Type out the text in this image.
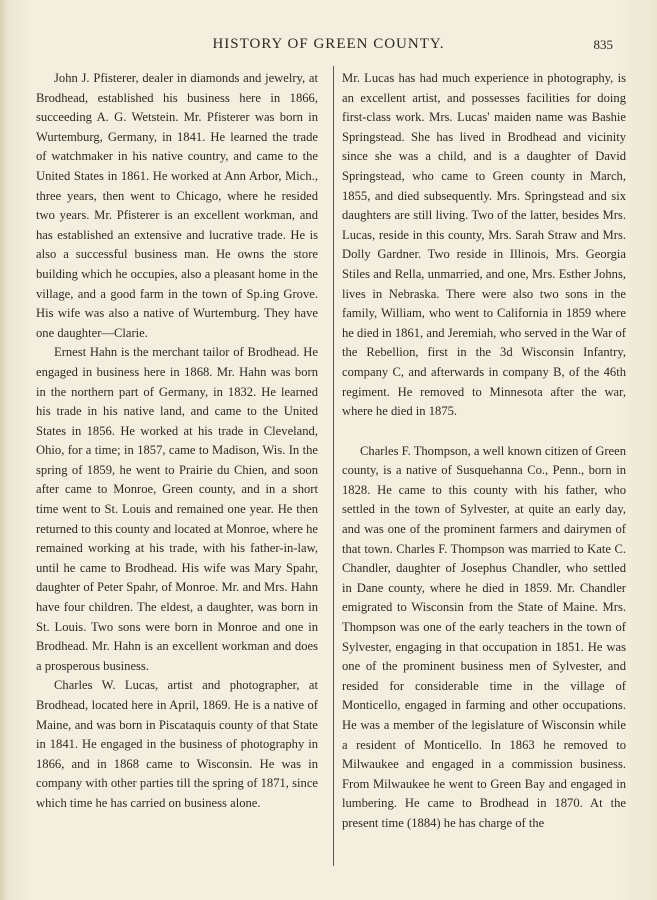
HISTORY OF GREEN COUNTY.	835

John J. Pfisterer, dealer in diamonds and jewelry, at Brodhead, established his business here in 1866, succeeding A. G. Wetstein. Mr. Pfisterer was born in Wurtemburg, Germany, in 1841. He learned the trade of watchmaker in his native country, and came to the United States in 1861. He worked at Ann Arbor, Mich., three years, then went to Chicago, where he resided two years. Mr. Pfisterer is an excellent workman, and has established an extensive and lucrative trade. He is also a successful business man. He owns the store building which he occupies, also a pleasant home in the village, and a good farm in the town of Sp.ing Grove. His wife was also a native of Wurtemburg. They have one daughter—Clarie.

Ernest Hahn is the merchant tailor of Brodhead. He engaged in business here in 1868. Mr. Hahn was born in the northern part of Germany, in 1832. He learned his trade in his native land, and came to the United States in 1856. He worked at his trade in Cleveland, Ohio, for a time; in 1857, came to Madison, Wis. In the spring of 1859, he went to Prairie du Chien, and soon after came to Monroe, Green county, and in a short time went to St. Louis and remained one year. He then returned to this county and located at Monroe, where he remained working at his trade, with his father-in-law, until he came to Brodhead. His wife was Mary Spahr, daughter of Peter Spahr, of Monroe. Mr. and Mrs. Hahn have four children. The eldest, a daughter, was born in St. Louis. Two sons were born in Monroe and one in Brodhead. Mr. Hahn is an excellent workman and does a prosperous business.

Charles W. Lucas, artist and photographer, at Brodhead, located here in April, 1869. He is a native of Maine, and was born in Piscataquis county of that State in 1841. He engaged in the business of photography in 1866, and in 1868 came to Wisconsin. He was in company with other parties till the spring of 1871, since which time he has carried on business alone.

Mr. Lucas has had much experience in photography, is an excellent artist, and possesses facilities for doing first-class work. Mrs. Lucas' maiden name was Bashie Springstead. She has lived in Brodhead and vicinity since she was a child, and is a daughter of David Springstead, who came to Green county in March, 1855, and died subsequently. Mrs. Springstead and six daughters are still living. Two of the latter, besides Mrs. Lucas, reside in this county, Mrs. Sarah Straw and Mrs. Dolly Gardner. Two reside in Illinois, Mrs. Georgia Stiles and Rella, unmarried, and one, Mrs. Esther Johns, lives in Nebraska. There were also two sons in the family, William, who went to California in 1859 where he died in 1861, and Jeremiah, who served in the War of the Rebellion, first in the 3d Wisconsin Infantry, company C, and afterwards in company B, of the 46th regiment. He removed to Minnesota after the war, where he died in 1875.

Charles F. Thompson, a well known citizen of Green county, is a native of Susquehanna Co., Penn., born in 1828. He came to this county with his father, who settled in the town of Sylvester, at quite an early day, and was one of the prominent farmers and dairymen of that town. Charles F. Thompson was married to Kate C. Chandler, daughter of Josephus Chandler, who settled in Dane county, where he died in 1859. Mr. Chandler emigrated to Wisconsin from the State of Maine. Mrs. Thompson was one of the early teachers in the town of Sylvester, engaging in that occupation in 1851. He was one of the prominent business men of Sylvester, and resided for considerable time in the village of Monticello, engaged in farming and other occupations. He was a member of the legislature of Wisconsin while a resident of Monticello. In 1863 he removed to Milwaukee and engaged in a commission business. From Milwaukee he went to Green Bay and engaged in lumbering. He came to Brodhead in 1870. At the present time (1884) he has charge of the
